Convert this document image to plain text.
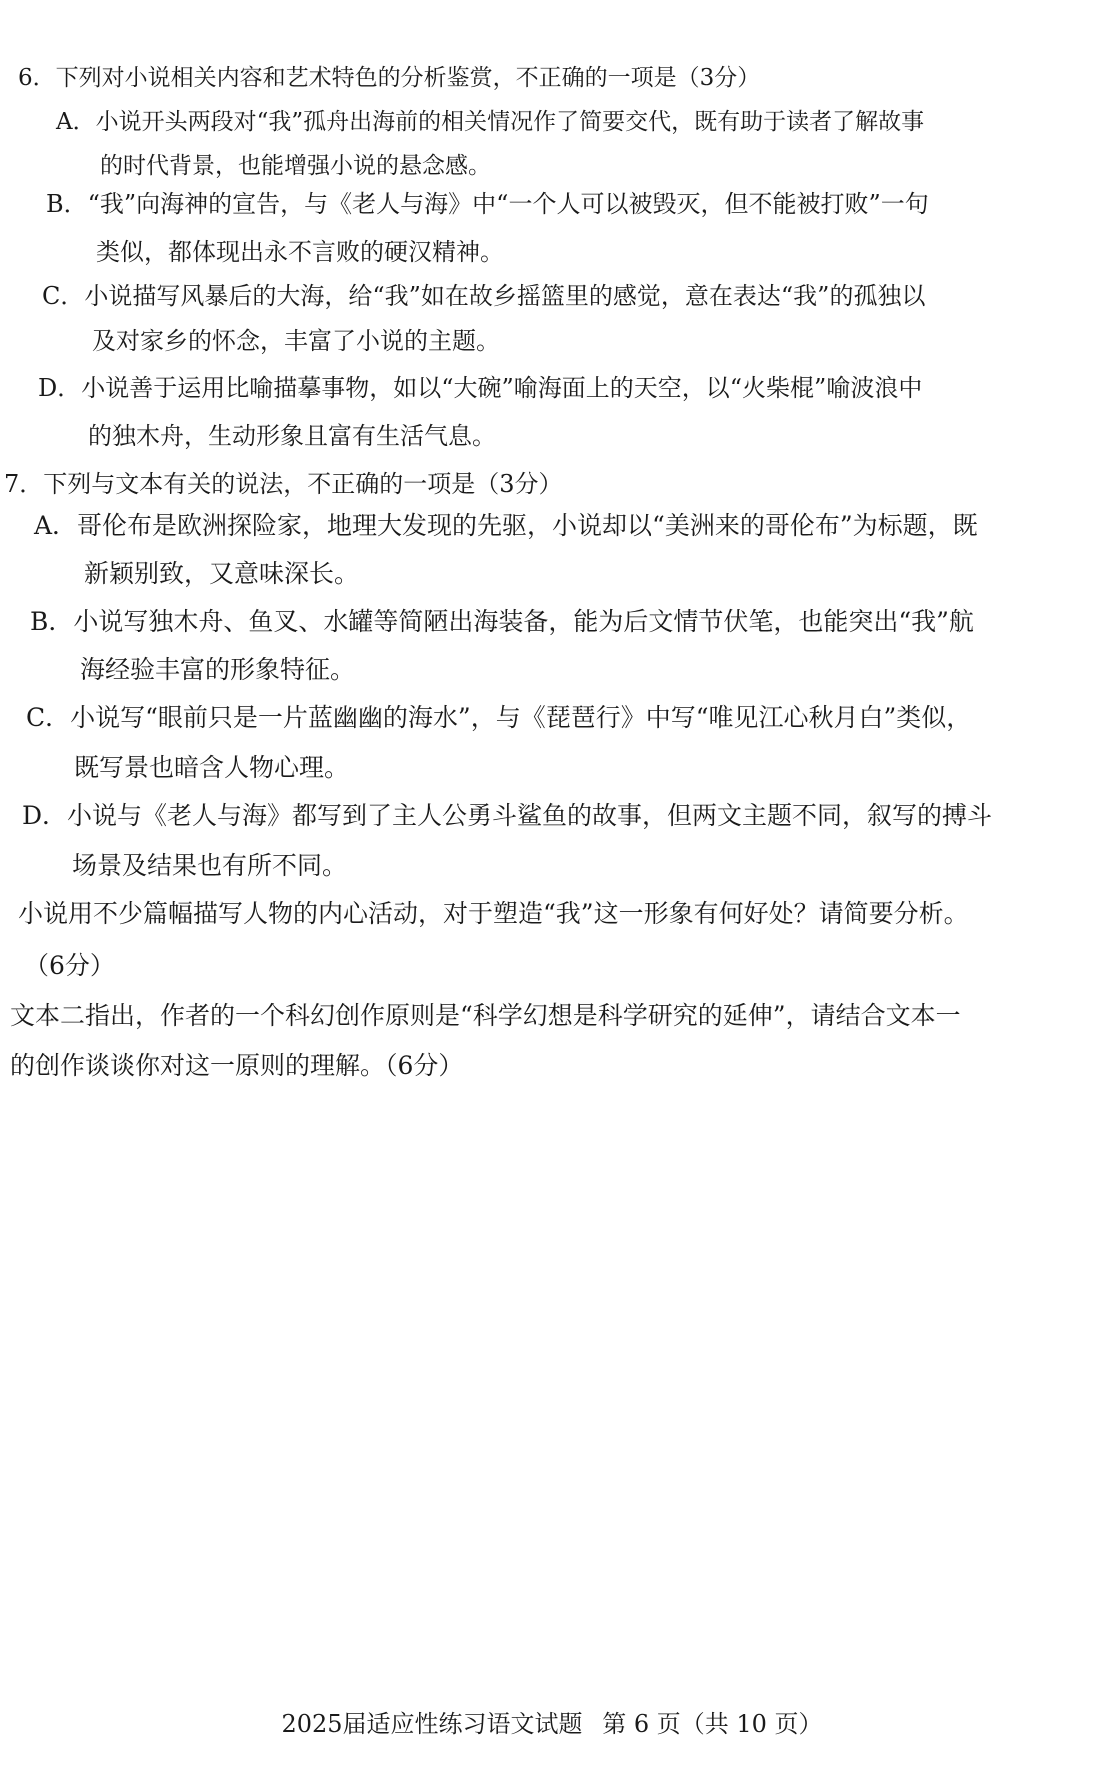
6．下列对小说相关内容和艺术特色的分析鉴赏，不正确的一项是（3分）
A．小说开头两段对“我”孤舟出海前的相关情况作了简要交代，既有助于读者了解故事
的时代背景，也能增强小说的悬念感。
B．“我”向海神的宣告，与《老人与海》中“一个人可以被毁灭，但不能被打败”一句
类似，都体现出永不言败的硬汉精神。
C．小说描写风暴后的大海，给“我”如在故乡摇篮里的感觉，意在表达“我”的孤独以
及对家乡的怀念，丰富了小说的主题。
D．小说善于运用比喻描摹事物，如以“大碗”喻海面上的天空，以“火柴棍”喻波浪中
的独木舟，生动形象且富有生活气息。
7．下列与文本有关的说法，不正确的一项是（3分）
A．哥伦布是欧洲探险家，地理大发现的先驱，小说却以“美洲来的哥伦布”为标题，既
新颖别致，又意味深长。
B．小说写独木舟、鱼叉、水罐等简陋出海装备，能为后文情节伏笔，也能突出“我”航
海经验丰富的形象特征。
C．小说写“眼前只是一片蓝幽幽的海水”，与《琵琶行》中写“唯见江心秋月白”类似，
既写景也暗含人物心理。
D．小说与《老人与海》都写到了主人公勇斗鲨鱼的故事，但两文主题不同，叙写的搏斗
场景及结果也有所不同。
小说用不少篇幅描写人物的内心活动，对于塑造“我”这一形象有何好处？请简要分析。
（6分）
文本二指出，作者的一个科幻创作原则是“科学幻想是科学研究的延伸”，请结合文本一
的创作谈谈你对这一原则的理解。（6分）
2025届适应性练习语文试题 第 6 页（共 10 页）
